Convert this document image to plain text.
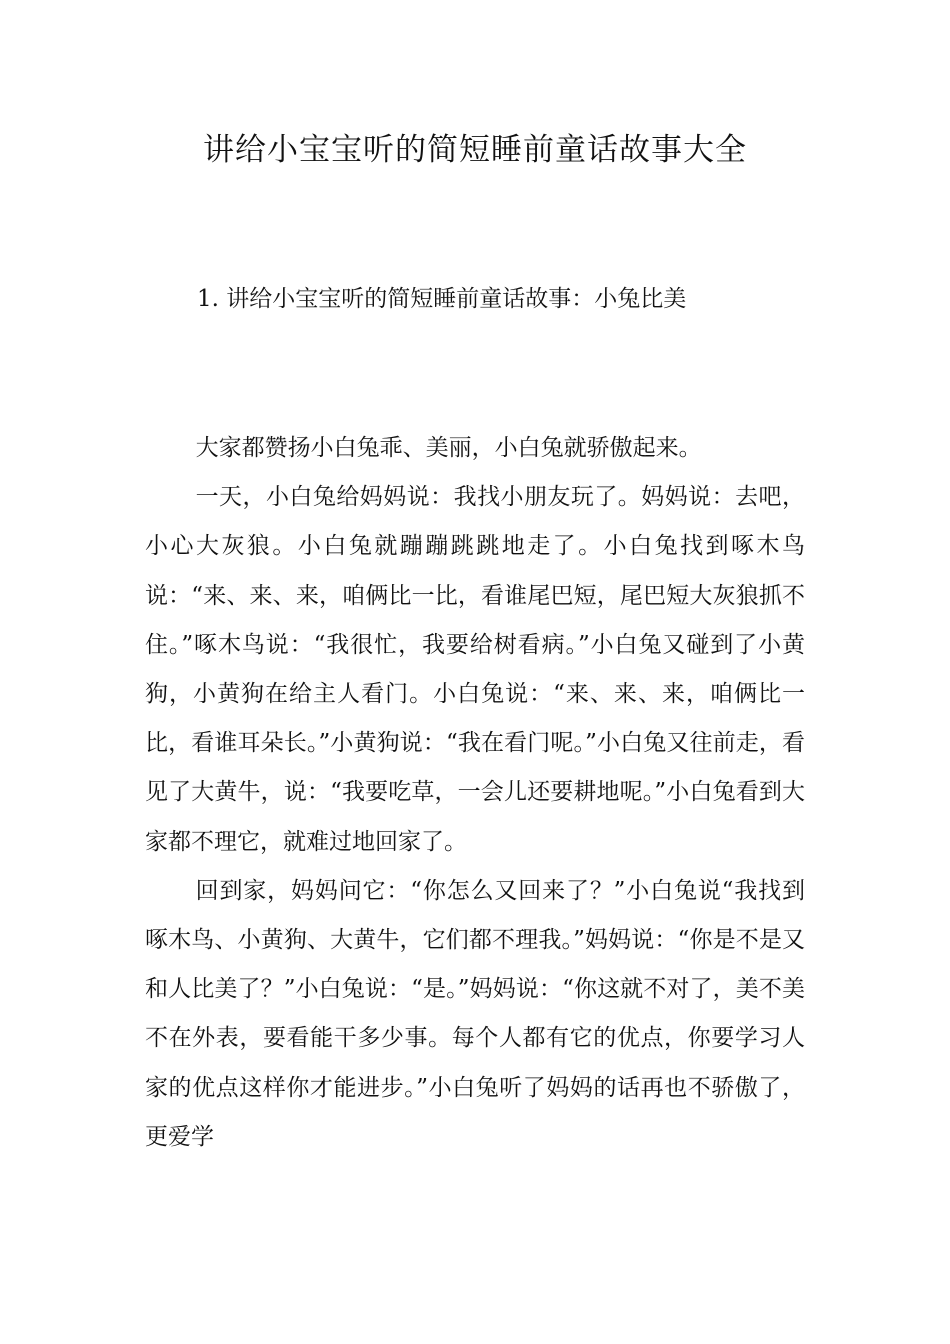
讲给小宝宝听的简短睡前童话故事大全
1. 讲给小宝宝听的简短睡前童话故事：小兔比美

大家都赞扬小白兔乖、美丽，小白兔就骄傲起来。

一天，小白兔给妈妈说：我找小朋友玩了。妈妈说：去吧，小心大灰狼。小白兔就蹦蹦跳跳地走了。小白兔找到啄木鸟说：“来、来、来，咱俩比一比，看谁尾巴短，尾巴短大灰狼抓不住。”啄木鸟说：“我很忙，我要给树看病。”小白兔又碰到了小黄狗，小黄狗在给主人看门。小白兔说：“来、来、来，咱俩比一比，看谁耳朵长。”小黄狗说：“我在看门呢。”小白兔又往前走，看见了大黄牛，说：“我要吃草，一会儿还要耕地呢。”小白兔看到大家都不理它，就难过地回家了。

回到家，妈妈问它：“你怎么又回来了？”小白兔说“我找到啄木鸟、小黄狗、大黄牛，它们都不理我。”妈妈说：“你是不是又和人比美了？”小白兔说：“是。”妈妈说：“你这就不对了，美不美不在外表，要看能干多少事。每个人都有它的优点，你要学习人家的优点这样你才能进步。”小白兔听了妈妈的话再也不骄傲了，更爱学
